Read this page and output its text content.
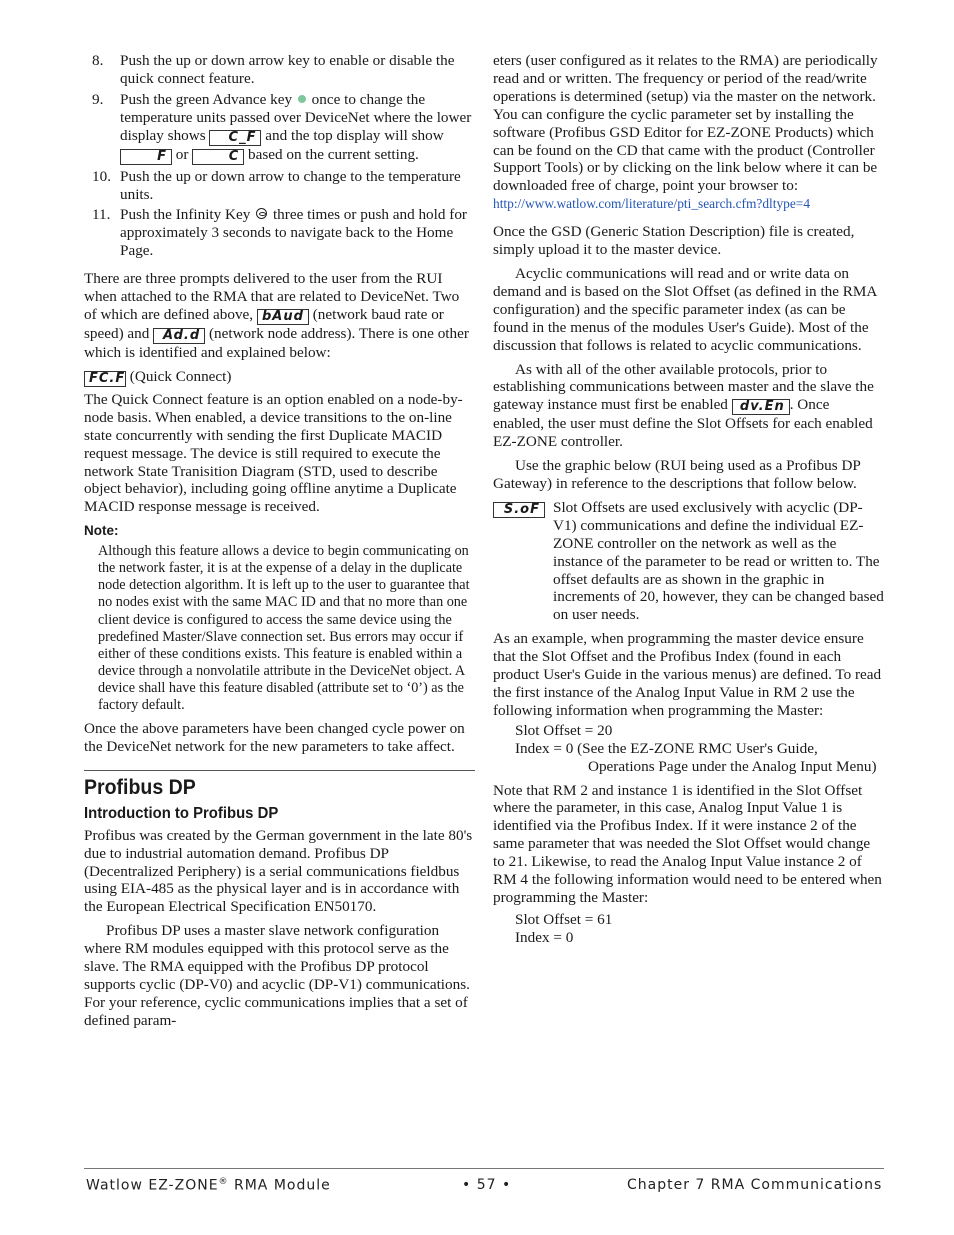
8. Push the up or down arrow key to enable or disable the quick connect feature.
9. Push the green Advance key once to change the temperature units passed over DeviceNet where the lower display shows C_F and the top display will show F or	C based on the current setting.
10. Push the up or down arrow to change to the temperature units.
11. Push the Infinity Key three times or push and hold for approximately 3 seconds to navigate back to the Home Page.

There are three prompts delivered to the user from the RUI when attached to the RMA that are related to DeviceNet. Two of which are defined above, bAud (network baud rate or speed) and Ad.d (network node address). There is one other which is identified and explained below:

FC.F (Quick Connect)

The Quick Connect feature is an option enabled on a node-by-node basis. When enabled, a device transitions to the on-line state concurrently with sending the first Duplicate MACID request message. The device is still required to execute the network State Tranisition Diagram (STD, used to describe object behavior), including going offline anytime a Duplicate MACID response message is received.

Note:
Although this feature allows a device to begin communicating on the network faster, it is at the expense of a delay in the duplicate node detection algorithm. It is left up to the user to guarantee that no nodes exist with the same MAC ID and that no more than one client device is configured to access the same device using the predefined Master/Slave connection set. Bus errors may occur if either of these conditions exists. This feature is enabled within a device through a nonvolatile attribute in the DeviceNet object. A device shall have this feature disabled (attribute set to ‘0’) as the factory default.

Once the above parameters have been changed cycle power on the DeviceNet network for the new parameters to take affect.

Profibus DP
Introduction to Profibus DP

Profibus was created by the German government in the late 80's due to industrial automation demand. Profibus DP (Decentralized Periphery) is a serial communications fieldbus using EIA-485 as the physical layer and is in accordance with the European Electrical Specification EN50170.

Profibus DP uses a master slave network configuration where RM modules equipped with this protocol serve as the slave. The RMA equipped with the Profibus DP protocol supports cyclic (DP-V0) and acyclic (DP-V1) communications. For your reference, cyclic communications implies that a set of defined param-

eters (user configured as it relates to the RMA) are periodically read and or written. The frequency or period of the read/write operations is determined (setup) via the master on the network. You can configure the cyclic parameter set by installing the software (Profibus GSD Editor for EZ-ZONE Products) which can be found on the CD that came with the product (Controller Support Tools) or by clicking on the link below where it can be downloaded free of charge, point your browser to: http://www.watlow.com/literature/pti_search.cfm?dltype=4

Once the GSD (Generic Station Description) file is created, simply upload it to the master device.

Acyclic communications will read and or write data on demand and is based on the Slot Offset (as defined in the RMA configuration) and the specific parameter index (as can be found in the menus of the modules User's Guide). Most of the discussion that follows is related to acyclic communications.

As with all of the other available protocols, prior to establishing communications between master and the slave the gateway instance must first be enabled dv.En . Once enabled, the user must define the Slot Offsets for each enabled EZ-ZONE controller.

Use the graphic below (RUI being used as a Profibus DP Gateway) in reference to the descriptions that follow below.

S.oF Slot Offsets are used exclusively with acyclic (DP-V1) communications and define the individual EZ-ZONE controller on the network as well as the instance of the parameter to be read or written to. The offset defaults are as shown in the graphic in increments of 20, however, they can be changed based on user needs.

As an example, when programming the master device ensure that the Slot Offset and the Profibus Index (found in each product User's Guide in the various menus) are defined. To read the first instance of the Analog Input Value in RM 2 use the following information when programming the Master:

Slot Offset = 20

Index = 0 (See the EZ-ZONE RMC User's Guide, Operations Page under the Analog Input Menu)

Note that RM 2 and instance 1 is identified in the Slot Offset where the parameter, in this case, Analog Input Value 1 is identified via the Profibus Index. If it were instance 2 of the same parameter that was needed the Slot Offset would change to 21. Likewise, to read the Analog Input Value instance 2 of RM 4 the following information would need to be entered when programming the Master:

Slot Offset = 61

Index = 0

Watlow EZ-ZONE® RMA Module	• 57 •	Chapter 7 RMA Communications
